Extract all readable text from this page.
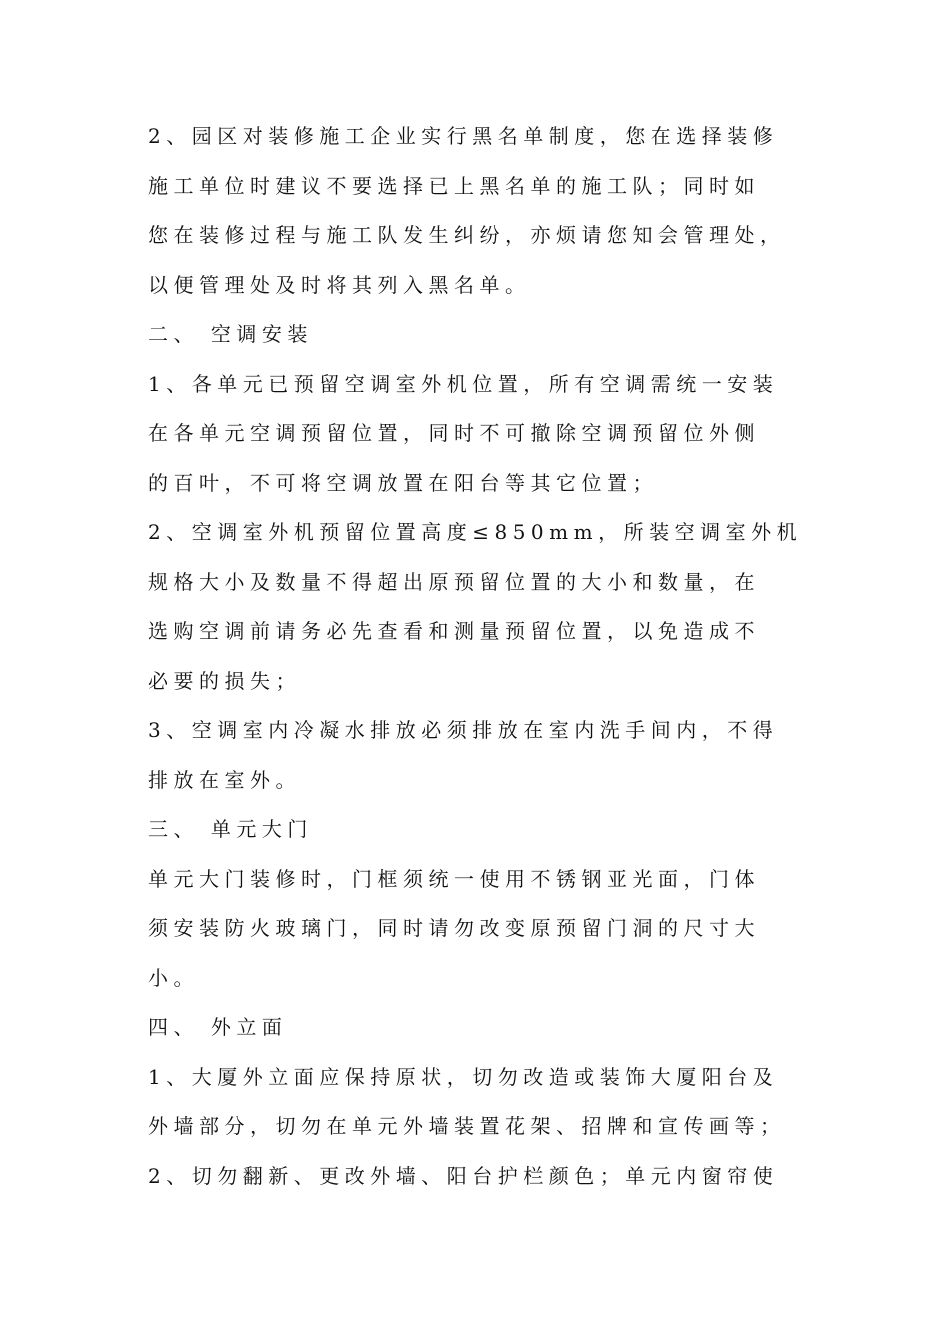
2、园区对装修施工企业实行黑名单制度，您在选择装修
施工单位时建议不要选择已上黑名单的施工队；同时如
您在装修过程与施工队发生纠纷，亦烦请您知会管理处，
以便管理处及时将其列入黑名单。
二、 空调安装
1、各单元已预留空调室外机位置，所有空调需统一安装
在各单元空调预留位置，同时不可撤除空调预留位外侧
的百叶，不可将空调放置在阳台等其它位置；
2、空调室外机预留位置高度≤850mm，所装空调室外机
规格大小及数量不得超出原预留位置的大小和数量，在
选购空调前请务必先查看和测量预留位置，以免造成不
必要的损失；
3、空调室内冷凝水排放必须排放在室内洗手间内，不得
排放在室外。
三、 单元大门
单元大门装修时，门框须统一使用不锈钢亚光面，门体
须安装防火玻璃门，同时请勿改变原预留门洞的尺寸大
小。
四、 外立面
1、大厦外立面应保持原状，切勿改造或装饰大厦阳台及
外墙部分，切勿在单元外墙装置花架、招牌和宣传画等；
2、切勿翻新、更改外墙、阳台护栏颜色；单元内窗帘使
